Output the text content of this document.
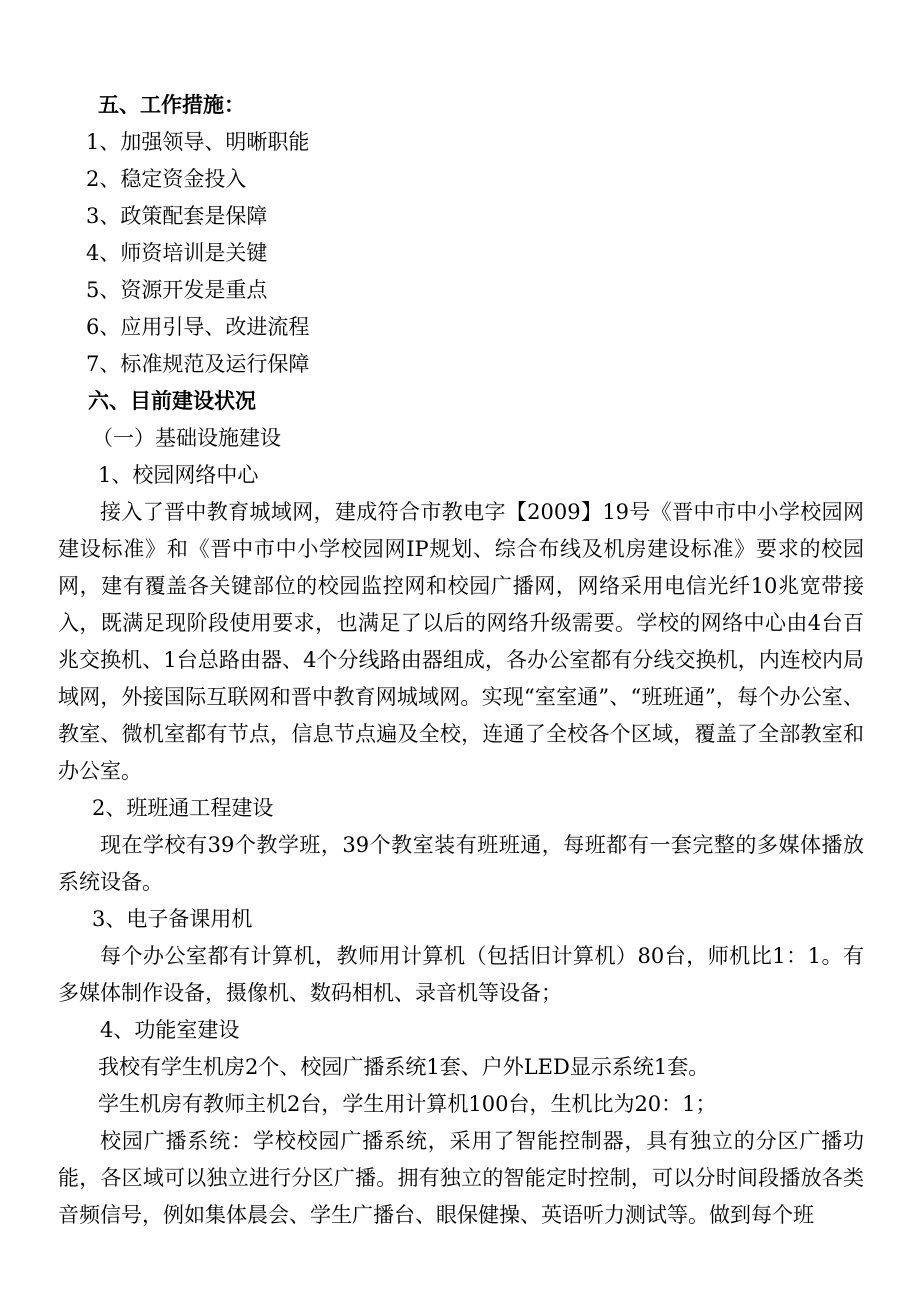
五、工作措施：
1、加强领导、明晰职能
2、稳定资金投入
3、政策配套是保障
4、师资培训是关键
5、资源开发是重点
6、应用引导、改进流程
7、标准规范及运行保障
六、目前建设状况
（一）基础设施建设
1、校园网络中心
接入了晋中教育城域网，建成符合市教电字【2009】19号《晋中市中小学校园网建设标准》和《晋中市中小学校园网IP规划、综合布线及机房建设标准》要求的校园网，建有覆盖各关键部位的校园监控网和校园广播网，网络采用电信光纤10兆宽带接入，既满足现阶段使用要求，也满足了以后的网络升级需要。学校的网络中心由4台百兆交换机、1台总路由器、4个分线路由器组成，各办公室都有分线交换机，内连校内局域网，外接国际互联网和晋中教育网城域网。实现“室室通”、“班班通”，每个办公室、教室、微机室都有节点，信息节点遍及全校，连通了全校各个区域，覆盖了全部教室和办公室。
2、班班通工程建设
现在学校有39个教学班，39个教室装有班班通，每班都有一套完整的多媒体播放系统设备。
3、电子备课用机
每个办公室都有计算机，教师用计算机（包括旧计算机）80台，师机比1：1。有多媒体制作设备，摄像机、数码相机、录音机等设备；
4、功能室建设
我校有学生机房2个、校园广播系统1套、户外LED显示系统1套。
学生机房有教师主机2台，学生用计算机100台，生机比为20：1；
校园广播系统：学校校园广播系统，采用了智能控制器，具有独立的分区广播功能，各区域可以独立进行分区广播。拥有独立的智能定时控制，可以分时间段播放各类音频信号，例如集体晨会、学生广播台、眼保健操、英语听力测试等。做到每个班
